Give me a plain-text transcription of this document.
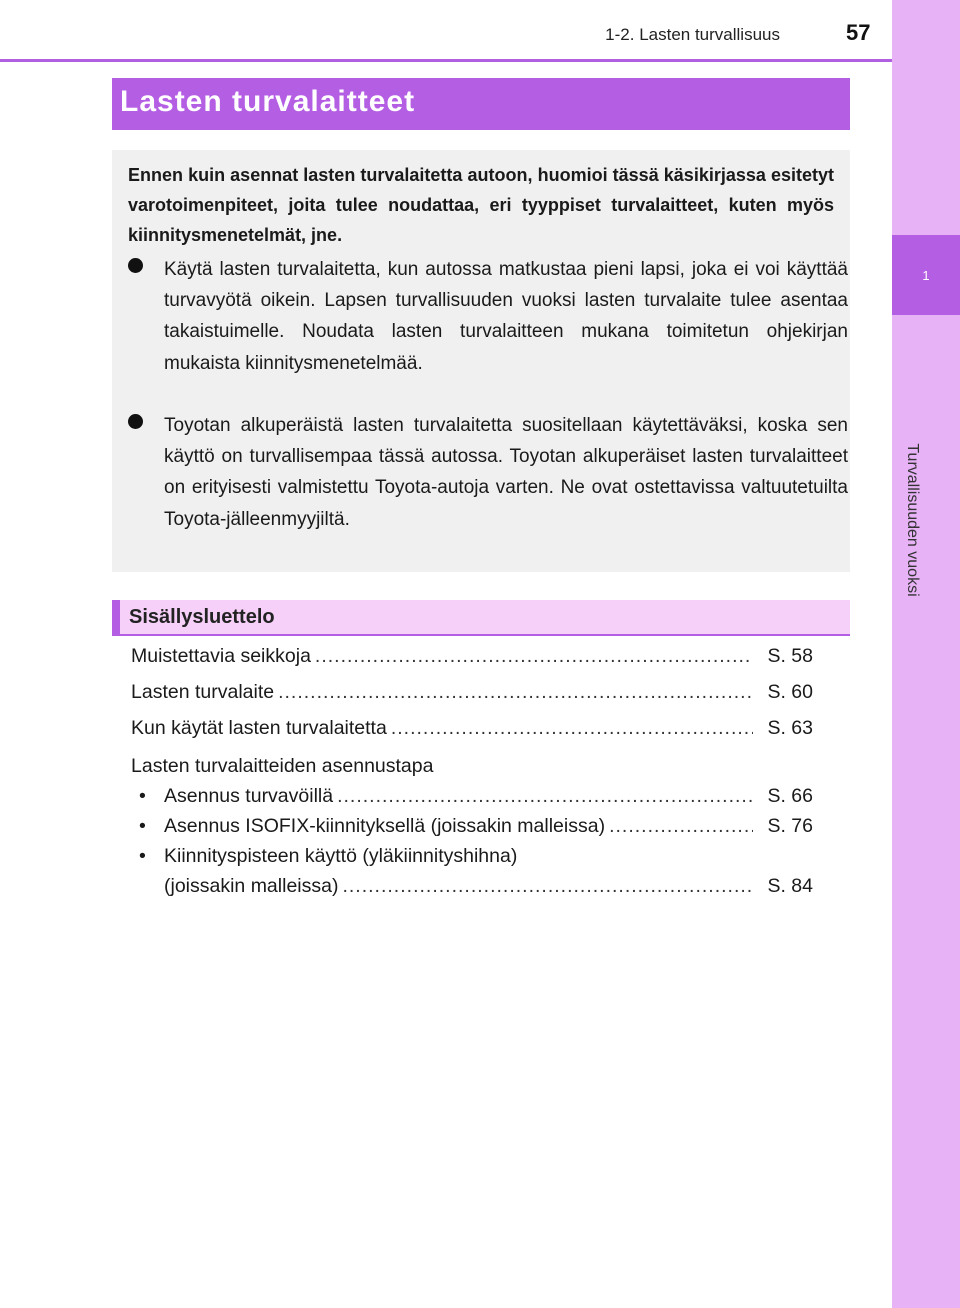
1
Turvallisuuden vuoksi
1-2. Lasten turvallisuus	57
Lasten turvalaitteet
Ennen kuin asennat lasten turvalaitetta autoon, huomioi tässä käsikirjassa esitetyt varotoimenpiteet, joita tulee noudattaa, eri tyyppiset turvalaitteet, kuten myös kiinnitysmenetelmät, jne.
Käytä lasten turvalaitetta, kun autossa matkustaa pieni lapsi, joka ei voi käyttää turvavyötä oikein. Lapsen turvallisuuden vuoksi lasten turvalaite tulee asentaa takaistuimelle. Noudata lasten turvalaitteen mukana toimitetun ohjekirjan mukaista kiinnitysmenetelmää.
Toyotan alkuperäistä lasten turvalaitetta suositellaan käytettäväksi, koska sen käyttö on turvallisempaa tässä autossa. Toyotan alkuperäiset lasten turvalaitteet on erityisesti valmistettu Toyota-autoja varten. Ne ovat ostettavissa valtuutetuilta Toyota-jälleenmyyjiltä.
Sisällysluettelo
Muistettavia seikkoja .....	S. 58
Lasten turvalaite .....	S. 60
Kun käytät lasten turvalaitetta .....	S. 63
Lasten turvalaitteiden asennustapa
• Asennus turvavöillä .....	S. 66
• Asennus ISOFIX-kiinnityksellä (joissakin malleissa) .....	S. 76
• Kiinnityspisteen käyttö (yläkiinnityshihna)
(joissakin malleissa) .....	S. 84
